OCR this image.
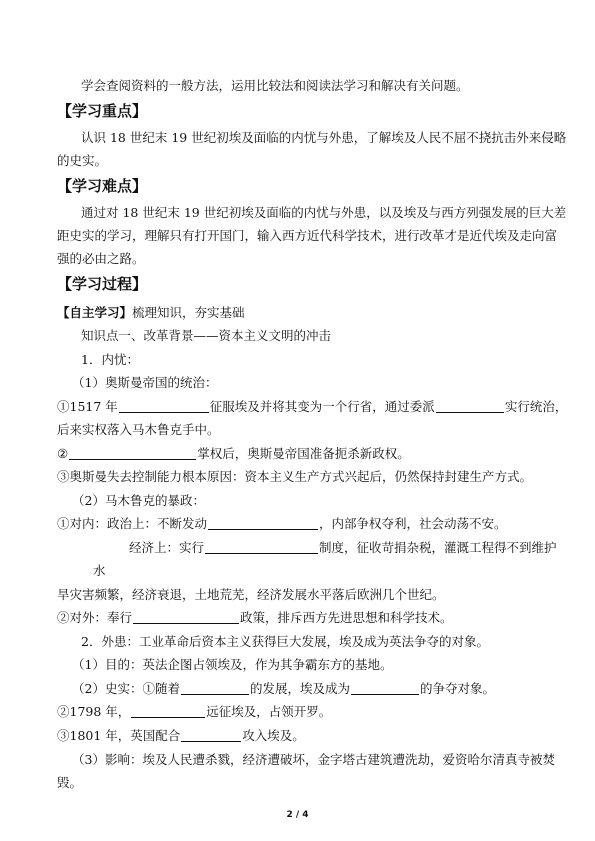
学会查阅资料的一般方法，运用比较法和阅读法学习和解决有关问题。
【学习重点】
认识 18 世纪末 19 世纪初埃及面临的内忧与外患，了解埃及人民不屈不挠抗击外来侵略
的史实。
【学习难点】
通过对 18 世纪末 19 世纪初埃及面临的内忧与外患，以及埃及与西方列强发展的巨大差
距史实的学习，理解只有打开国门，输入西方近代科学技术，进行改革才是近代埃及走向富
强的必由之路。
【学习过程】
【自主学习】梳理知识，夯实基础
知识点一、改革背景——资本主义文明的冲击
1．内忧：
（1）奥斯曼帝国的统治：
①1517 年	征服埃及并将其变为一个行省，通过委派	实行统治，
后来实权落入马木鲁克手中。
②	掌权后，奥斯曼帝国准备扼杀新政权。
③奥斯曼失去控制能力根本原因：资本主义生产方式兴起后，仍然保持封建生产方式。
（2）马木鲁克的暴政：
①对内：政治上：不断发动	，内部争权夺利，社会动荡不安。
经济上：实行	制度，征收苛捐杂税，灌溉工程得不到维护
水
旱灾害频繁，经济衰退，土地荒芜，经济发展水平落后欧洲几个世纪。
②对外：奉行	政策，排斥西方先进思想和科学技术。
2．外患：工业革命后资本主义获得巨大发展，埃及成为英法争夺的对象。
（1）目的：英法企图占领埃及，作为其争霸东方的基地。
（2）史实：①随着	的发展，埃及成为	的争夺对象。
②1798 年，	远征埃及，占领开罗。
③1801 年，英国配合	攻入埃及。
（3）影响：埃及人民遭杀戮，经济遭破坏，金字塔古建筑遭洗劫，爱资哈尔清真寺被焚
毁。
2 / 4
